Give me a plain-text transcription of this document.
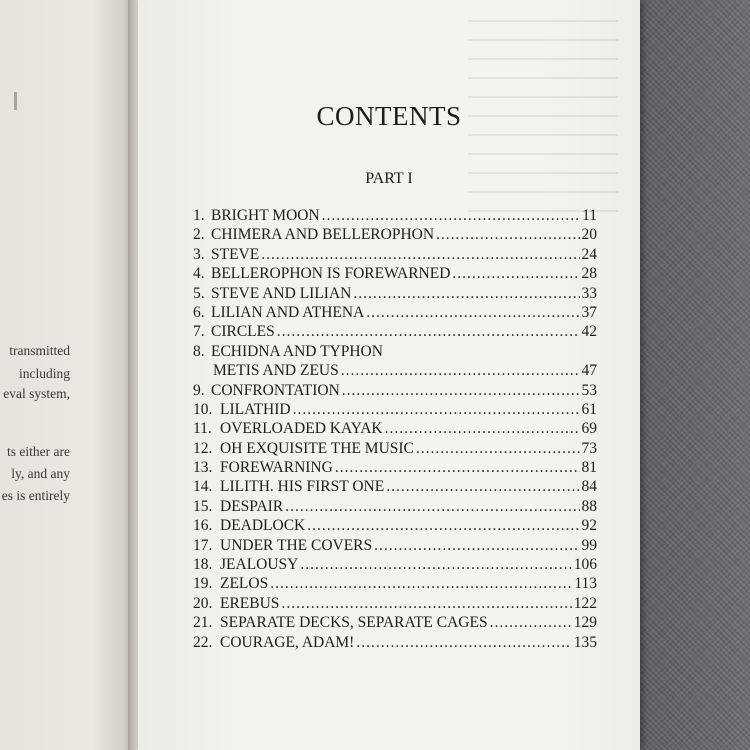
transmitted
including
eval system,
ts either are
ly, and any
es is entirely
CONTENTS
PART I
1. BRIGHT MOON .....	11
2. CHIMERA AND BELLEROPHON .....	20
3. STEVE .....	24
4. BELLEROPHON IS FOREWARNED .....	28
5. STEVE AND LILIAN .....	33
6. LILIAN AND ATHENA .....	37
7. CIRCLES .....	42
8. ECHIDNA AND TYPHON
METIS AND ZEUS .....	47
9. CONFRONTATION .....	53
10. LILATHID .....	61
11. OVERLOADED KAYAK .....	69
12. OH EXQUISITE THE MUSIC .....	73
13. FOREWARNING .....	81
14. LILITH. HIS FIRST ONE .....	84
15. DESPAIR .....	88
16. DEADLOCK .....	92
17. UNDER THE COVERS .....	99
18. JEALOUSY .....	106
19. ZELOS .....	113
20. EREBUS .....	122
21. SEPARATE DECKS, SEPARATE CAGES .....	129
22. COURAGE, ADAM! .....	135
